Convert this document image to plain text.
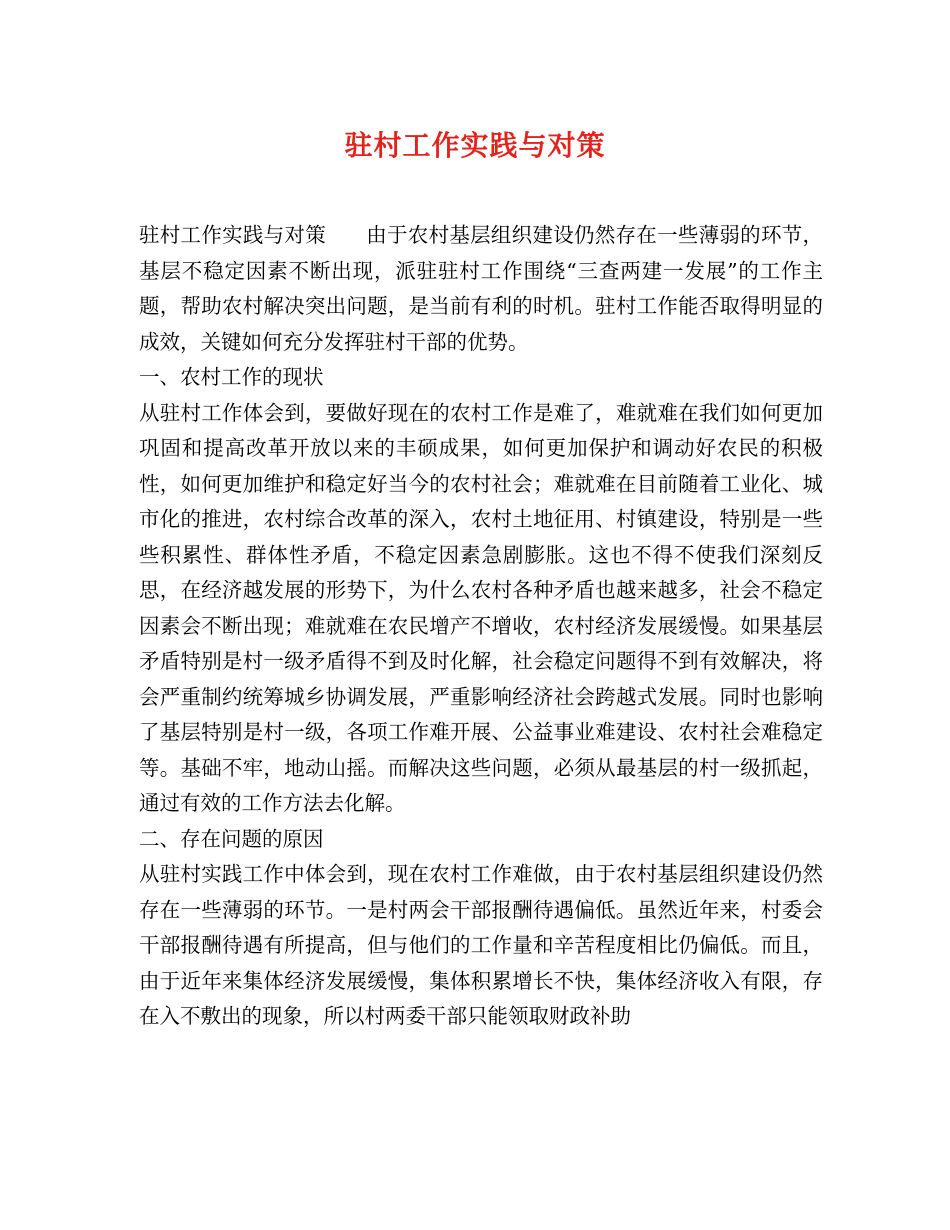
驻村工作实践与对策

驻村工作实践与对策 由于农村基层组织建设仍然存在一些薄弱的环节，基层不稳定因素不断出现，派驻驻村工作围绕“三查两建一发展”的工作主题，帮助农村解决突出问题，是当前有利的时机。驻村工作能否取得明显的成效，关键如何充分发挥驻村干部的优势。

一、农村工作的现状

从驻村工作体会到，要做好现在的农村工作是难了，难就难在我们如何更加巩固和提高改革开放以来的丰硕成果，如何更加保护和调动好农民的积极性，如何更加维护和稳定好当今的农村社会；难就难在目前随着工业化、城市化的推进，农村综合改革的深入，农村土地征用、村镇建设，特别是一些些积累性、群体性矛盾，不稳定因素急剧膨胀。这也不得不使我们深刻反思，在经济越发展的形势下，为什么农村各种矛盾也越来越多，社会不稳定因素会不断出现；难就难在农民增产不增收，农村经济发展缓慢。如果基层矛盾特别是村一级矛盾得不到及时化解，社会稳定问题得不到有效解决，将会严重制约统筹城乡协调发展，严重影响经济社会跨越式发展。同时也影响了基层特别是村一级，各项工作难开展、公益事业难建设、农村社会难稳定等。基础不牢，地动山摇。而解决这些问题，必须从最基层的村一级抓起，通过有效的工作方法去化解。

二、存在问题的原因

从驻村实践工作中体会到，现在农村工作难做，由于农村基层组织建设仍然存在一些薄弱的环节。一是村两会干部报酬待遇偏低。虽然近年来，村委会干部报酬待遇有所提高，但与他们的工作量和辛苦程度相比仍偏低。而且，由于近年来集体经济发展缓慢，集体积累增长不快，集体经济收入有限，存在入不敷出的现象，所以村两委干部只能领取财政补助
